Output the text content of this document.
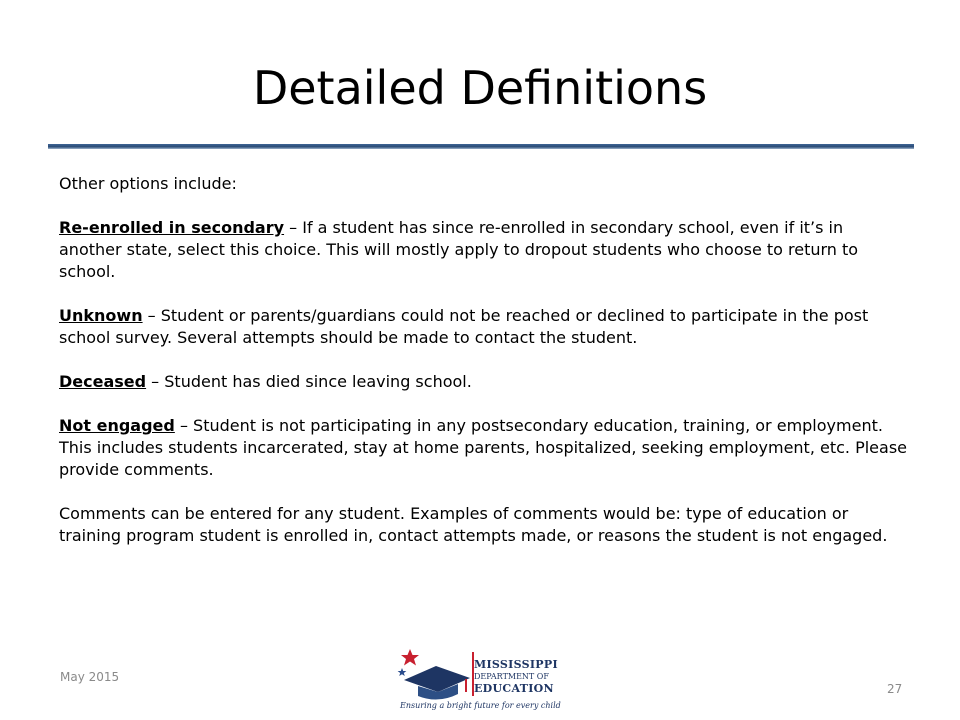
Detailed Definitions

Other options include:

Re-enrolled in secondary – If a student has since re-enrolled in secondary school, even if it’s in another state, select this choice. This will mostly apply to dropout students who choose to return to school.

Unknown – Student or parents/guardians could not be reached or declined to participate in the post school survey. Several attempts should be made to contact the student.

Deceased – Student has died since leaving school.

Not engaged – Student is not participating in any postsecondary education, training, or employment. This includes students incarcerated, stay at home parents, hospitalized, seeking employment, etc. Please provide comments.

Comments can be entered for any student. Examples of comments would be: type of education or training program student is enrolled in, contact attempts made, or reasons the student is not engaged.

May 2015
MISSISSIPPI
DEPARTMENT OF
EDUCATION
Ensuring a bright future for every child
27
